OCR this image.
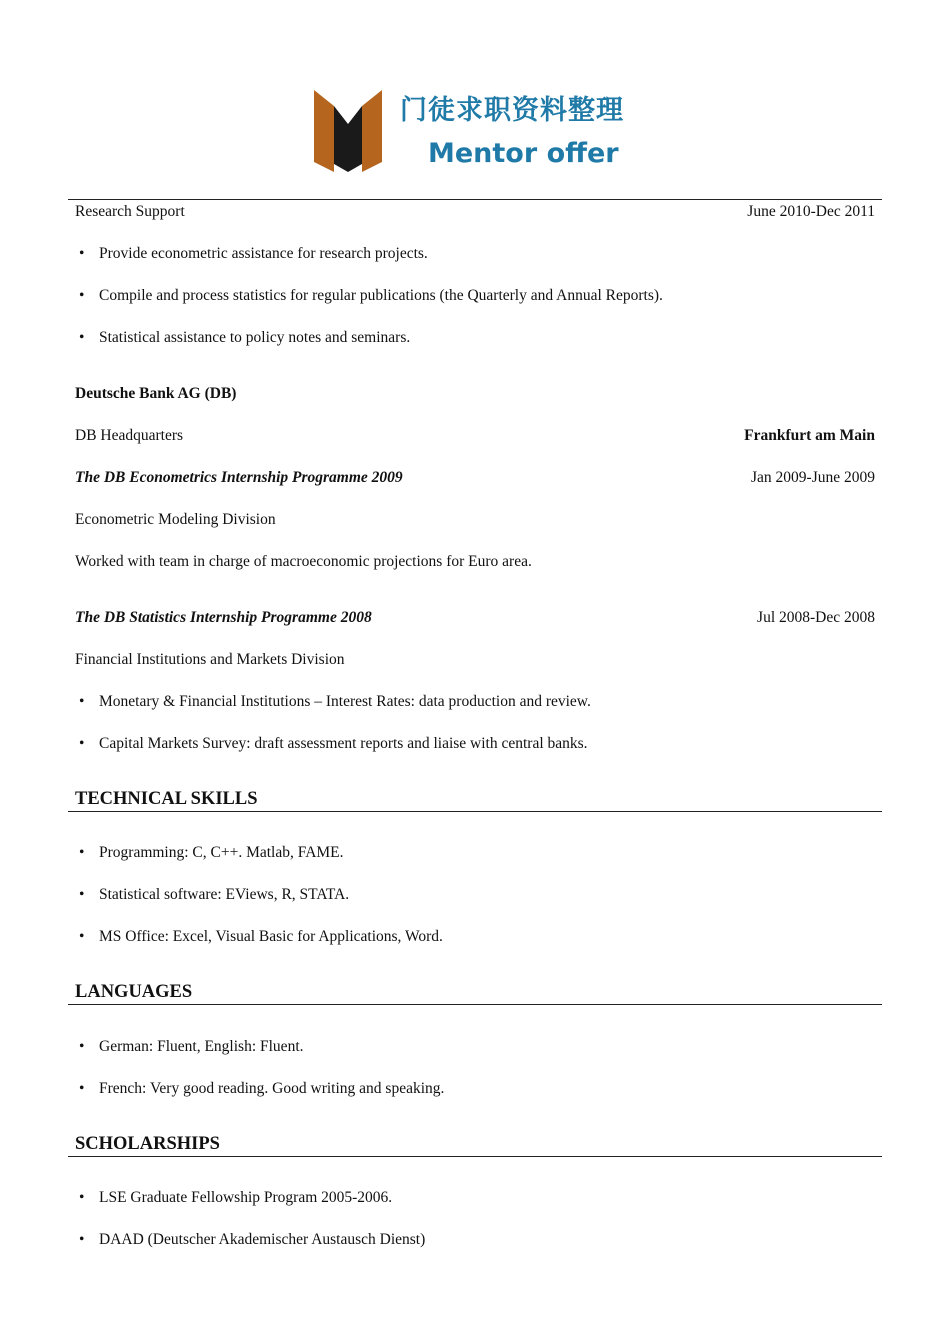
门徒求职资料整理
Mentor offer
Research Support	June 2010-Dec 2011
• Provide econometric assistance for research projects.
• Compile and process statistics for regular publications (the Quarterly and Annual Reports).
• Statistical assistance to policy notes and seminars.
Deutsche Bank AG (DB)
DB Headquarters	Frankfurt am Main
The DB Econometrics Internship Programme 2009	Jan 2009-June 2009
Econometric Modeling Division
Worked with team in charge of macroeconomic projections for Euro area.
The DB Statistics Internship Programme 2008	Jul 2008-Dec 2008
Financial Institutions and Markets Division
• Monetary & Financial Institutions – Interest Rates: data production and review.
• Capital Markets Survey: draft assessment reports and liaise with central banks.
TECHNICAL SKILLS
• Programming: C, C++. Matlab, FAME.
• Statistical software: EViews, R, STATA.
• MS Office: Excel, Visual Basic for Applications, Word.
LANGUAGES
• German: Fluent, English: Fluent.
• French: Very good reading. Good writing and speaking.
SCHOLARSHIPS
• LSE Graduate Fellowship Program 2005-2006.
• DAAD (Deutscher Akademischer Austausch Dienst)
